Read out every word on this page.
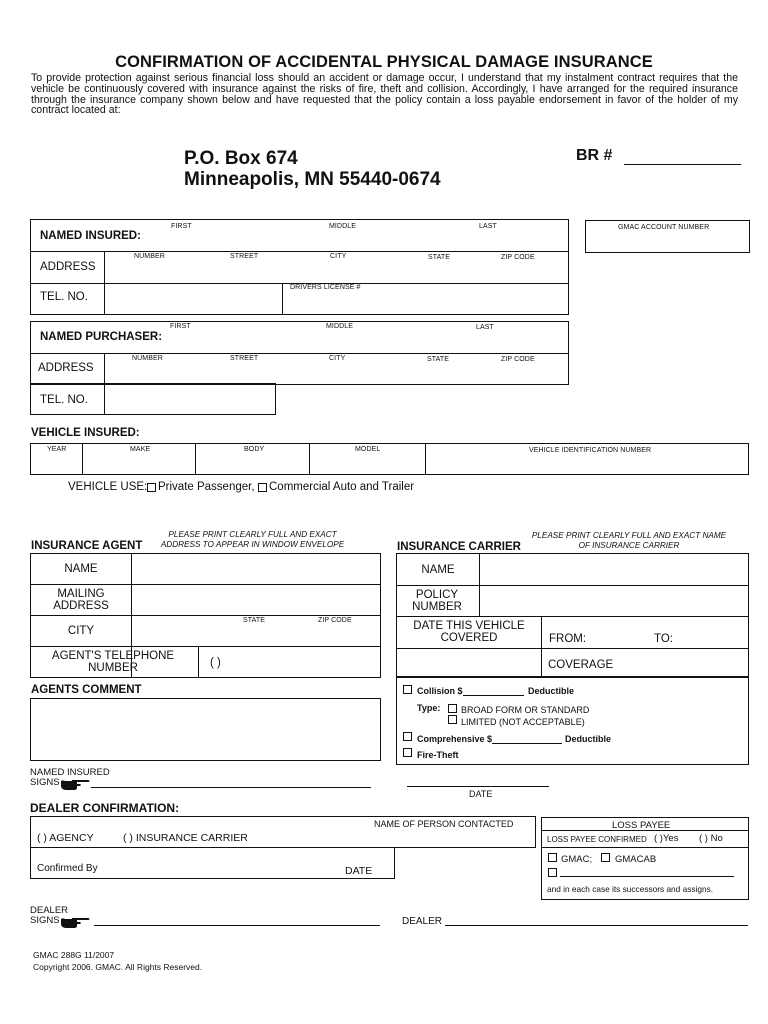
CONFIRMATION OF ACCIDENTAL PHYSICAL DAMAGE INSURANCE
To provide protection against serious financial loss should an accident or damage occur, I understand that my instalment contract requires that the vehicle be continuously covered with insurance against the risks of fire, theft and collision. Accordingly, I have arranged for the required insurance through the insurance company shown below and have requested that the policy contain a loss payable endorsement in favor of the holder of my contract located at:
P.O. Box 674
Minneapolis, MN 55440-0674
BR #
NAMED INSURED:
FIRST	MIDDLE	LAST
ADDRESS
NUMBER	STREET	CITY	STATE	ZIP CODE
TEL. NO.
DRIVERS LICENSE #
GMAC ACCOUNT NUMBER
NAMED PURCHASER:
FIRST	MIDDLE	LAST
ADDRESS
NUMBER	STREET	CITY	STATE	ZIP CODE
TEL. NO.
VEHICLE INSURED:
YEAR	MAKE	BODY	MODEL	VEHICLE IDENTIFICATION NUMBER
VEHICLE USE: Private Passenger, Commercial Auto and Trailer
PLEASE PRINT CLEARLY FULL AND EXACT ADDRESS TO APPEAR IN WINDOW ENVELOPE
INSURANCE AGENT
NAME
MAILING ADDRESS
CITY
STATE	ZIP CODE
AGENT'S TELEPHONE NUMBER	( )
AGENTS COMMENT
PLEASE PRINT CLEARLY FULL AND EXACT NAME OF INSURANCE CARRIER
INSURANCE CARRIER
NAME
POLICY NUMBER
DATE THIS VEHICLE COVERED	FROM:	TO:
COVERAGE
Collision $	Deductible
Type: BROAD FORM OR STANDARD
LIMITED (NOT ACCEPTABLE)
Comprehensive $	Deductible
Fire-Theft
NAMED INSURED SIGNS
DATE
DEALER CONFIRMATION:
NAME OF PERSON CONTACTED
( ) AGENCY	( ) INSURANCE CARRIER
Confirmed By	DATE
LOSS PAYEE
LOSS PAYEE CONFIRMED ( )Yes ( ) No
GMAC; GMACAB
and in each case its successors and assigns.
DEALER SIGNS	DEALER
GMAC 288G 11/2007
Copyright 2006. GMAC. All Rights Reserved.
